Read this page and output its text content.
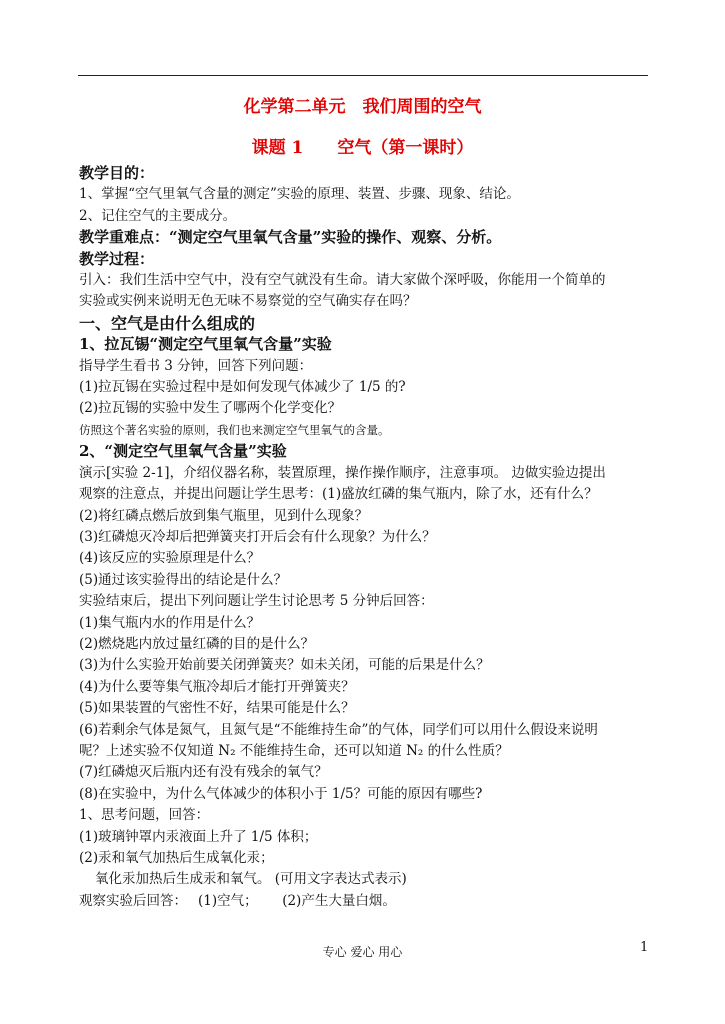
化学第二单元　我们周围的空气
课题 1　　空气（第一课时）
教学目的：
1、掌握“空气里氧气含量的测定”实验的原理、装置、步骤、现象、结论。
2、记住空气的主要成分。
教学重难点：“测定空气里氧气含量”实验的操作、观察、分析。
教学过程：
引入：我们生活中空气中，没有空气就没有生命。请大家做个深呼吸，你能用一个简单的
实验或实例来说明无色无味不易察觉的空气确实存在吗？
一、空气是由什么组成的
1、拉瓦锡“测定空气里氧气含量”实验
指导学生看书 3 分钟，回答下列问题：
(1)拉瓦锡在实验过程中是如何发现气体减少了 1/5 的?
(2)拉瓦锡的实验中发生了哪两个化学变化？
仿照这个著名实验的原则，我们也来测定空气里氧气的含量。
2、“测定空气里氧气含量”实验
演示[实验 2-1]，介绍仪器名称，装置原理，操作操作顺序，注意事项。 边做实验边提出
观察的注意点，并提出问题让学生思考：(1)盛放红磷的集气瓶内，除了水，还有什么？
(2)将红磷点燃后放到集气瓶里，见到什么现象？
(3)红磷熄灭冷却后把弹簧夹打开后会有什么现象？为什么？
(4)该反应的实验原理是什么？
(5)通过该实验得出的结论是什么？
实验结束后，提出下列问题让学生讨论思考 5 分钟后回答：
(1)集气瓶内水的作用是什么？
(2)燃烧匙内放过量红磷的目的是什么？
(3)为什么实验开始前要关闭弹簧夹？如未关闭，可能的后果是什么？
(4)为什么要等集气瓶冷却后才能打开弹簧夹？
(5)如果装置的气密性不好，结果可能是什么？
(6)若剩余气体是氮气，且氮气是“不能维持生命”的气体，同学们可以用什么假设来说明
呢？上述实验不仅知道 N₂ 不能维持生命，还可以知道 N₂ 的什么性质？
(7)红磷熄灭后瓶内还有没有残余的氧气？
(8)在实验中，为什么气体减少的体积小于 1/5？可能的原因有哪些?
1、思考问题，回答：
(1)玻璃钟罩内汞液面上升了 1/5 体积；
(2)汞和氧气加热后生成氧化汞；
氧化汞加热后生成汞和氧气。 (可用文字表达式表示)
观察实验后回答：　 (1)空气；　　 (2)产生大量白烟。
专心 爱心 用心	1
